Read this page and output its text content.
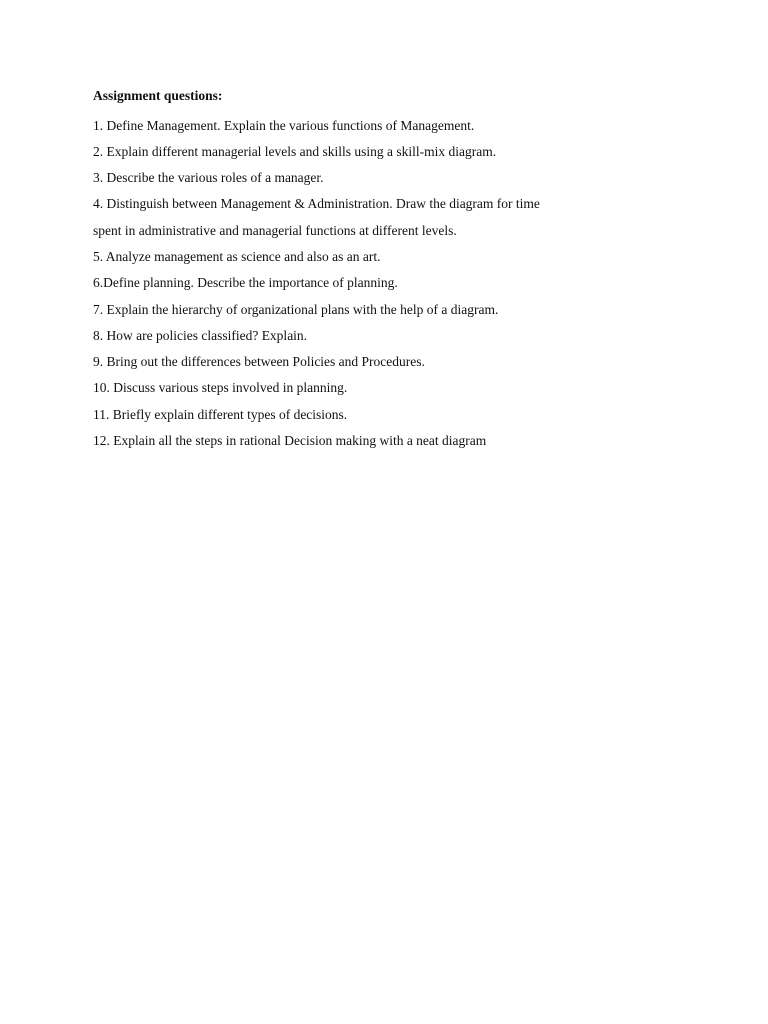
Assignment questions:
1. Define Management. Explain the various functions of Management.
2. Explain different managerial levels and skills using a skill-mix diagram.
3. Describe the various roles of a manager.
4. Distinguish between Management & Administration. Draw the diagram for time
spent in administrative and managerial functions at different levels.
5. Analyze management as science and also as an art.
6.Define planning. Describe the importance of planning.
7. Explain the hierarchy of organizational plans with the help of a diagram.
8. How are policies classified? Explain.
9. Bring out the differences between Policies and Procedures.
10. Discuss various steps involved in planning.
11. Briefly explain different types of decisions.
12. Explain all the steps in rational Decision making with a neat diagram
